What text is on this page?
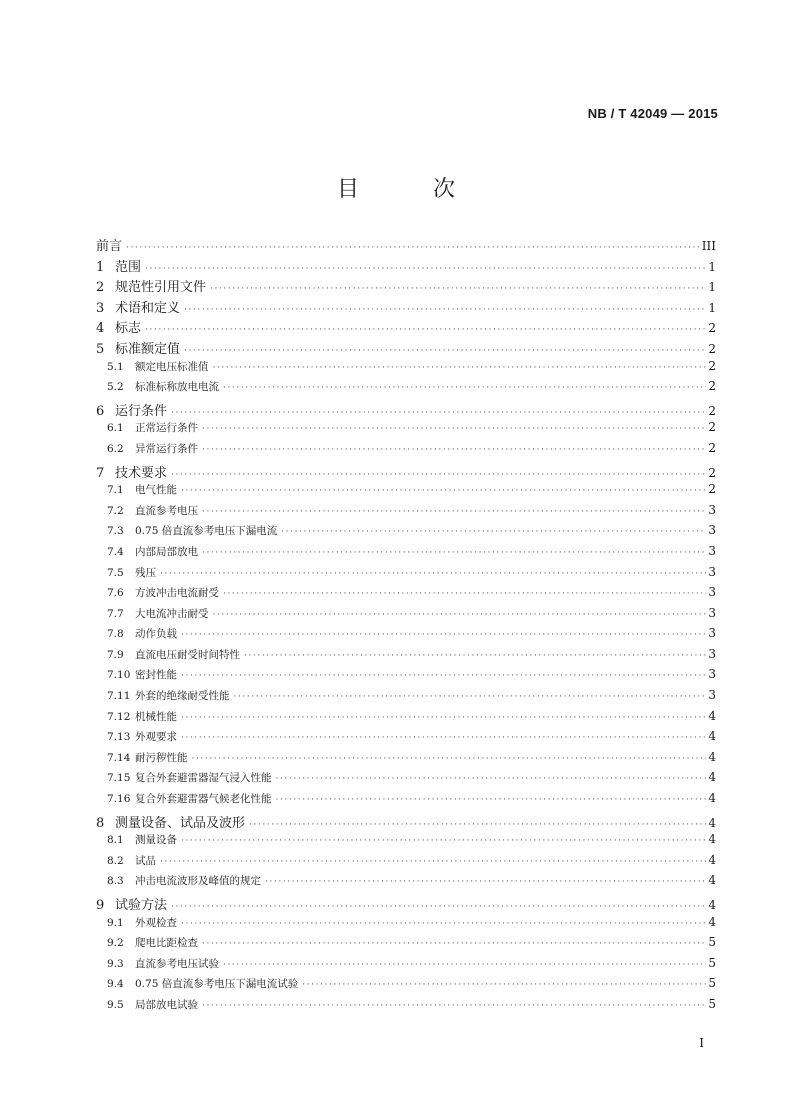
NB / T 42049 — 2015
目　次
前言 ·····	III
1 范围 ·····	1
2 规范性引用文件 ·····	1
3 术语和定义 ·····	1
4 标志 ·····	2
5 标准额定值 ·····	2
5.1	额定电压标准值 ·····	2
5.2	标准标称放电电流 ·····	2
6 运行条件 ·····	2
6.1	正常运行条件 ·····	2
6.2	异常运行条件 ·····	2
7 技术要求 ·····	2
7.1	电气性能 ·····	2
7.2	直流参考电压 ·····	3
7.3	0.75 倍直流参考电压下漏电流 ·····	3
7.4	内部局部放电 ·····	3
7.5	残压 ·····	3
7.6	方波冲击电流耐受 ·····	3
7.7	大电流冲击耐受 ·····	3
7.8	动作负载 ·····	3
7.9	直流电压耐受时间特性 ·····	3
7.10 密封性能 ·····	3
7.11 外套的绝缘耐受性能 ·····	3
7.12 机械性能 ·····	4
7.13 外观要求 ·····	4
7.14 耐污秽性能 ·····	4
7.15 复合外套避雷器湿气浸入性能 ·····	4
7.16 复合外套避雷器气候老化性能 ·····	4
8 测量设备、试品及波形 ·····	4
8.1	测量设备 ·····	4
8.2	试品 ·····	4
8.3	冲击电流波形及峰值的规定 ·····	4
9 试验方法 ·····	4
9.1	外观检查 ·····	4
9.2	爬电比距检查 ·····	5
9.3	直流参考电压试验 ·····	5
9.4	0.75 倍直流参考电压下漏电流试验 ·····	5
9.5	局部放电试验 ·····	5
I
